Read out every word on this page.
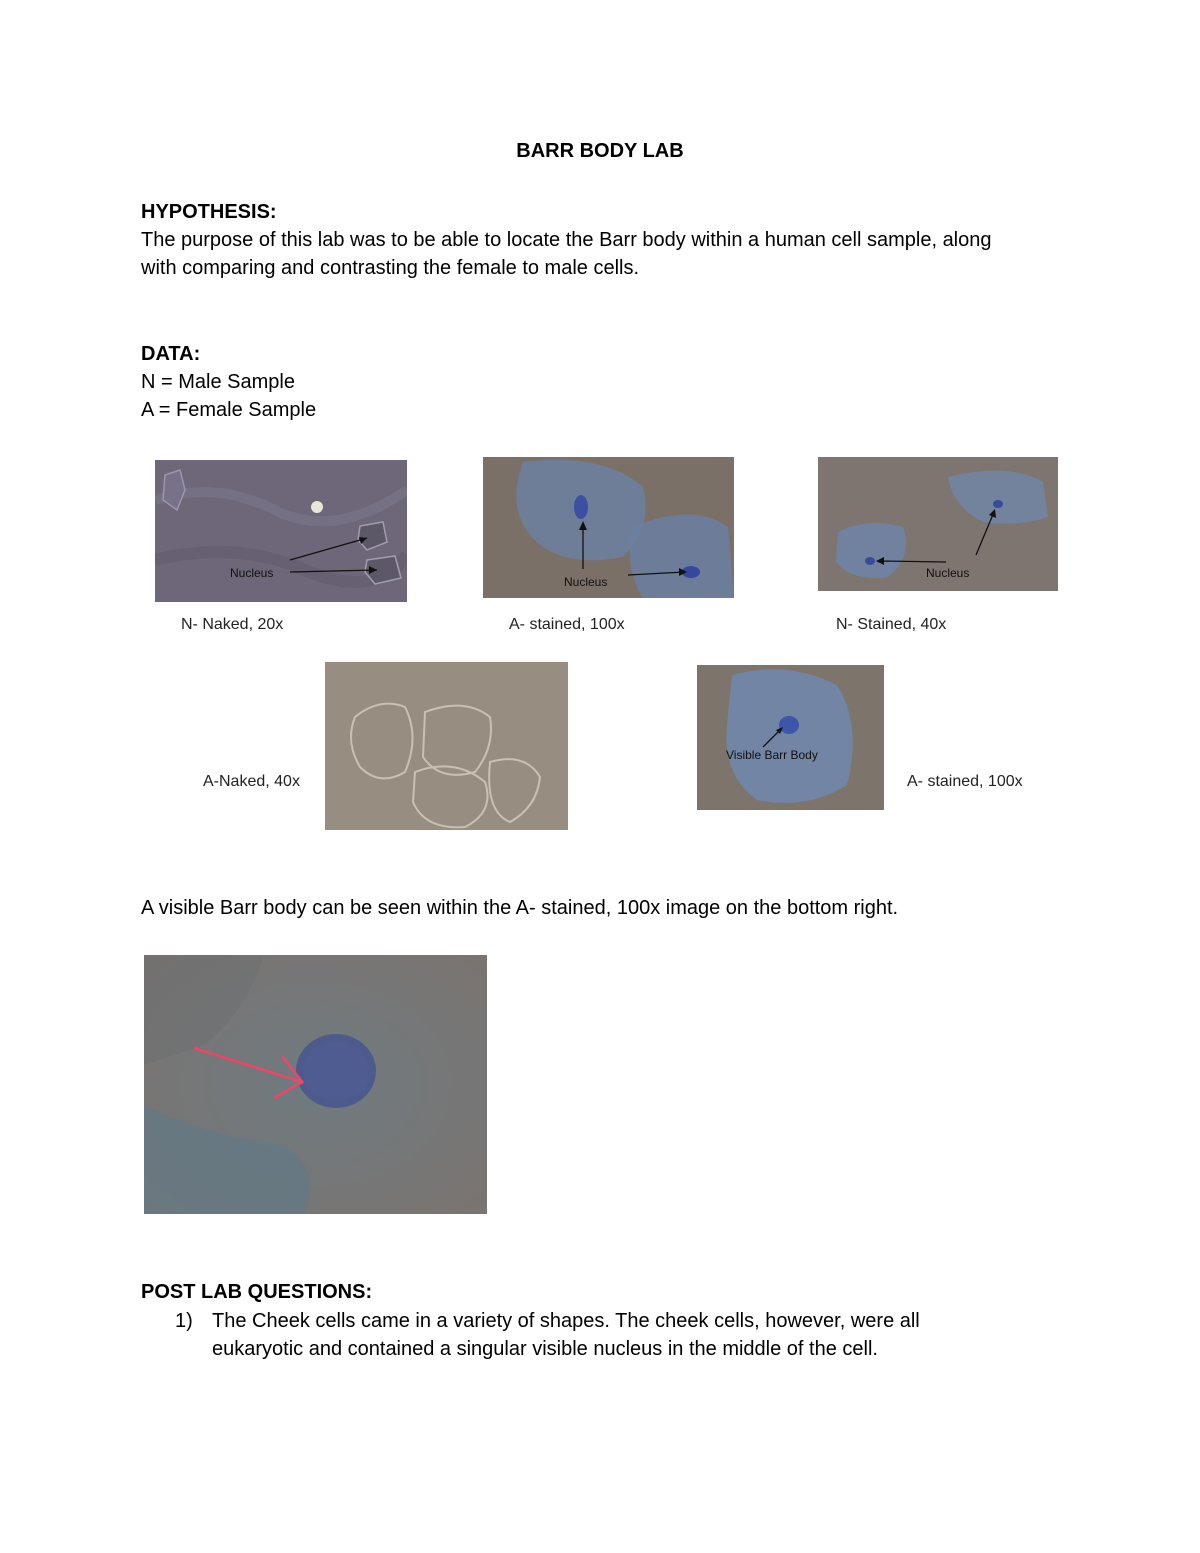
BARR BODY LAB
HYPOTHESIS:
The purpose of this lab was to be able to locate the Barr body within a human cell sample, along
with comparing and contrasting the female to male cells.
DATA:
N = Male Sample
A = Female Sample
Nucleus
N- Naked, 20x
Nucleus
A- stained, 100x
Nucleus
N- Stained, 40x
A-Naked, 40x
Visible Barr Body
A- stained, 100x
A visible Barr body can be seen within the A- stained, 100x image on the bottom right.
POST LAB QUESTIONS:
1) The Cheek cells came in a variety of shapes. The cheek cells, however, were all
eukaryotic and contained a singular visible nucleus in the middle of the cell.
